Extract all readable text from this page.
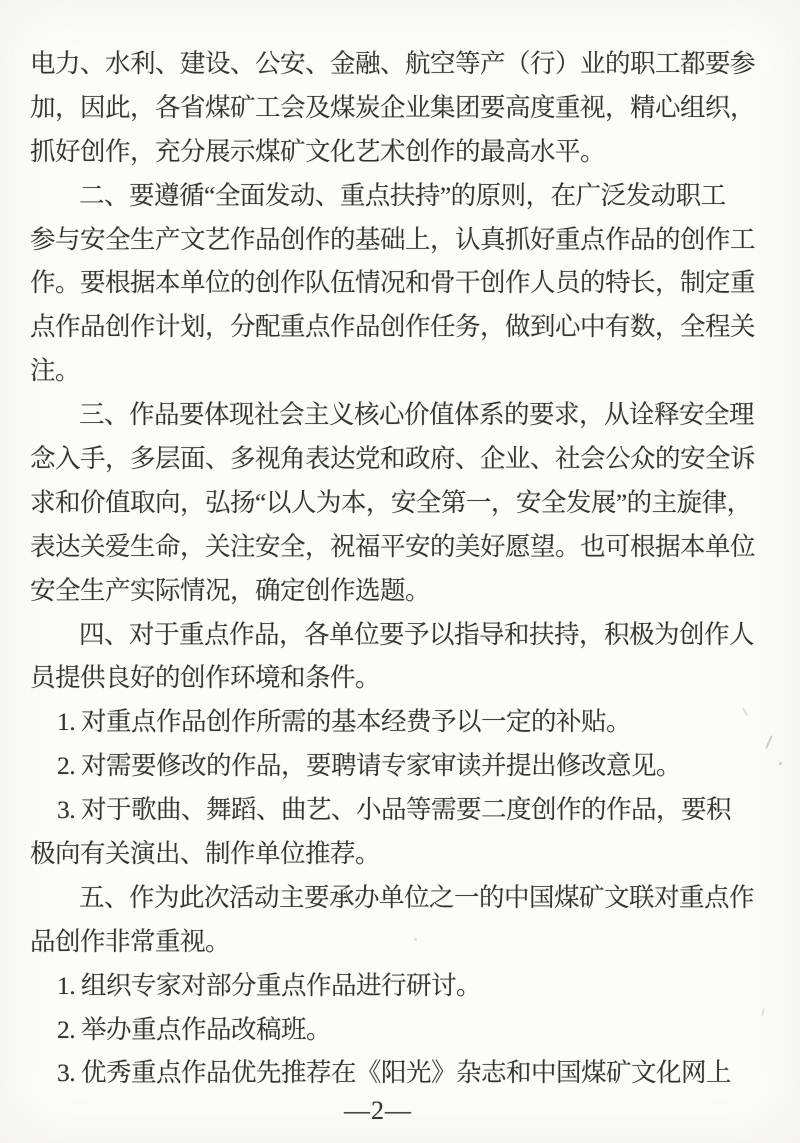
电力、水利、建设、公安、金融、航空等产（行）业的职工都要参
加，因此，各省煤矿工会及煤炭企业集团要高度重视，精心组织，
抓好创作，充分展示煤矿文化艺术创作的最高水平。
二、要遵循“全面发动、重点扶持”的原则，在广泛发动职工
参与安全生产文艺作品创作的基础上，认真抓好重点作品的创作工
作。要根据本单位的创作队伍情况和骨干创作人员的特长，制定重
点作品创作计划，分配重点作品创作任务，做到心中有数，全程关
注。
三、作品要体现社会主义核心价值体系的要求，从诠释安全理
念入手，多层面、多视角表达党和政府、企业、社会公众的安全诉
求和价值取向，弘扬“以人为本，安全第一，安全发展”的主旋律，
表达关爱生命，关注安全，祝福平安的美好愿望。也可根据本单位
安全生产实际情况，确定创作选题。
四、对于重点作品，各单位要予以指导和扶持，积极为创作人
员提供良好的创作环境和条件。
1. 对重点作品创作所需的基本经费予以一定的补贴。
2. 对需要修改的作品，要聘请专家审读并提出修改意见。
3. 对于歌曲、舞蹈、曲艺、小品等需要二度创作的作品，要积
极向有关演出、制作单位推荐。
五、作为此次活动主要承办单位之一的中国煤矿文联对重点作
品创作非常重视。
1. 组织专家对部分重点作品进行研讨。
2. 举办重点作品改稿班。
3. 优秀重点作品优先推荐在《阳光》杂志和中国煤矿文化网上
—2—
